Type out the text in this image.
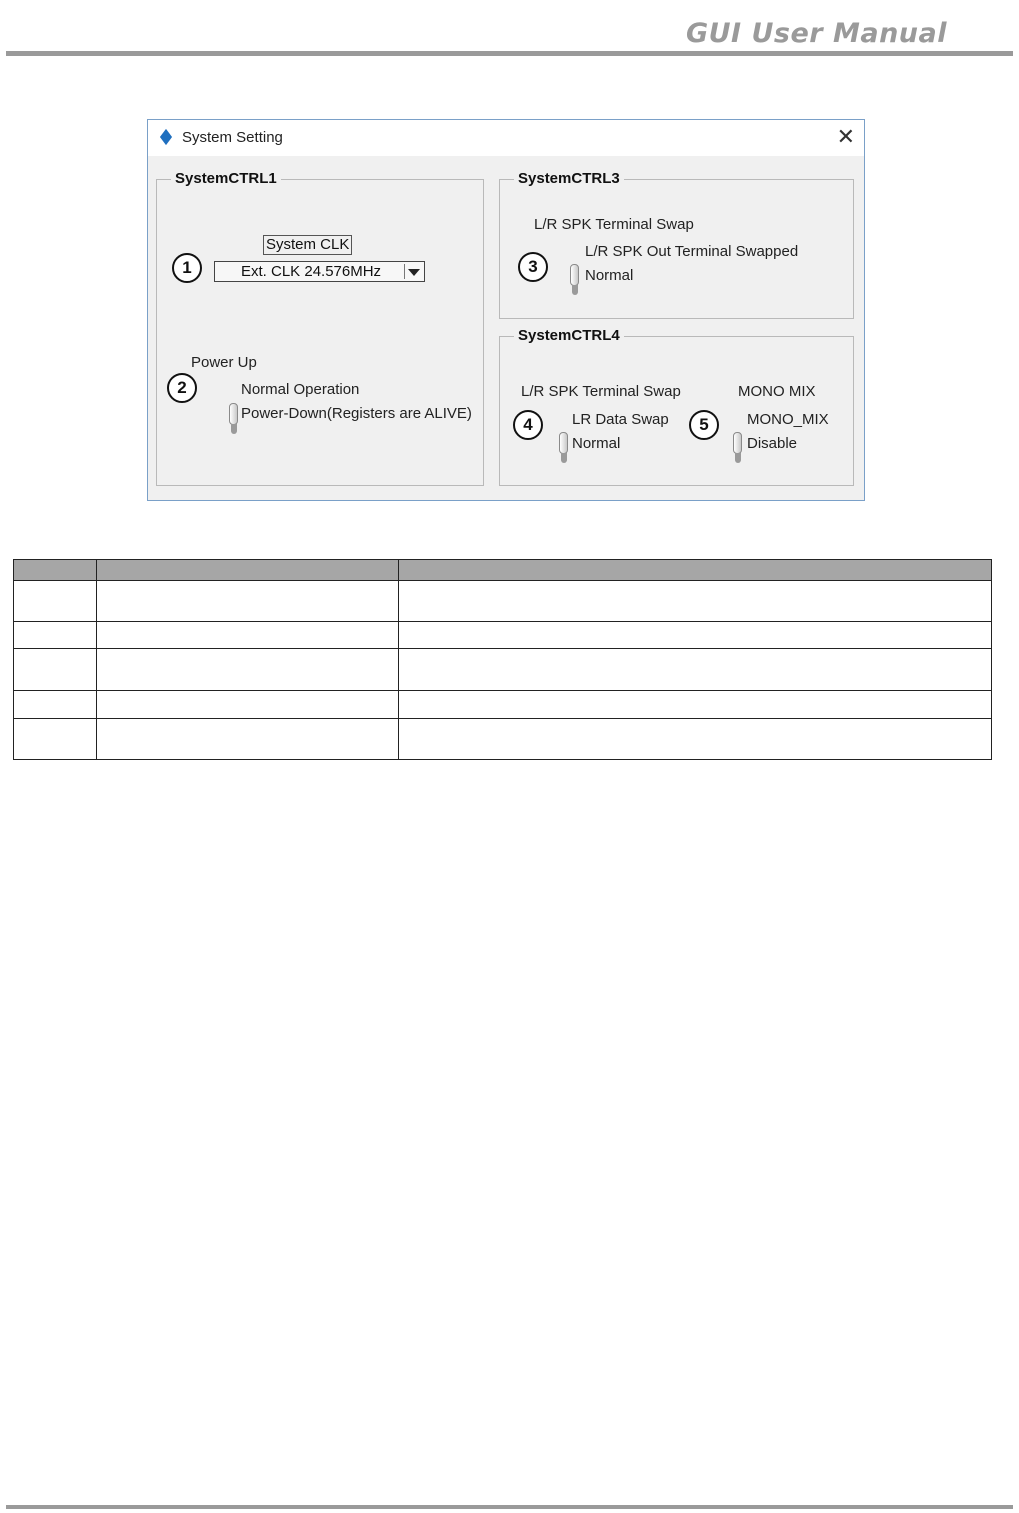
GUI User Manual
System Setting	✕
SystemCTRL1
System CLK
1	Ext. CLK 24.576MHz
Power Up
2	Normal Operation
Power-Down(Registers are ALIVE)
SystemCTRL3
L/R SPK Terminal Swap
3
L/R SPK Out Terminal Swapped
Normal
SystemCTRL4
L/R SPK Terminal Swap
4	LR Data Swap
Normal
MONO MIX
5	MONO_MIX
Disable
